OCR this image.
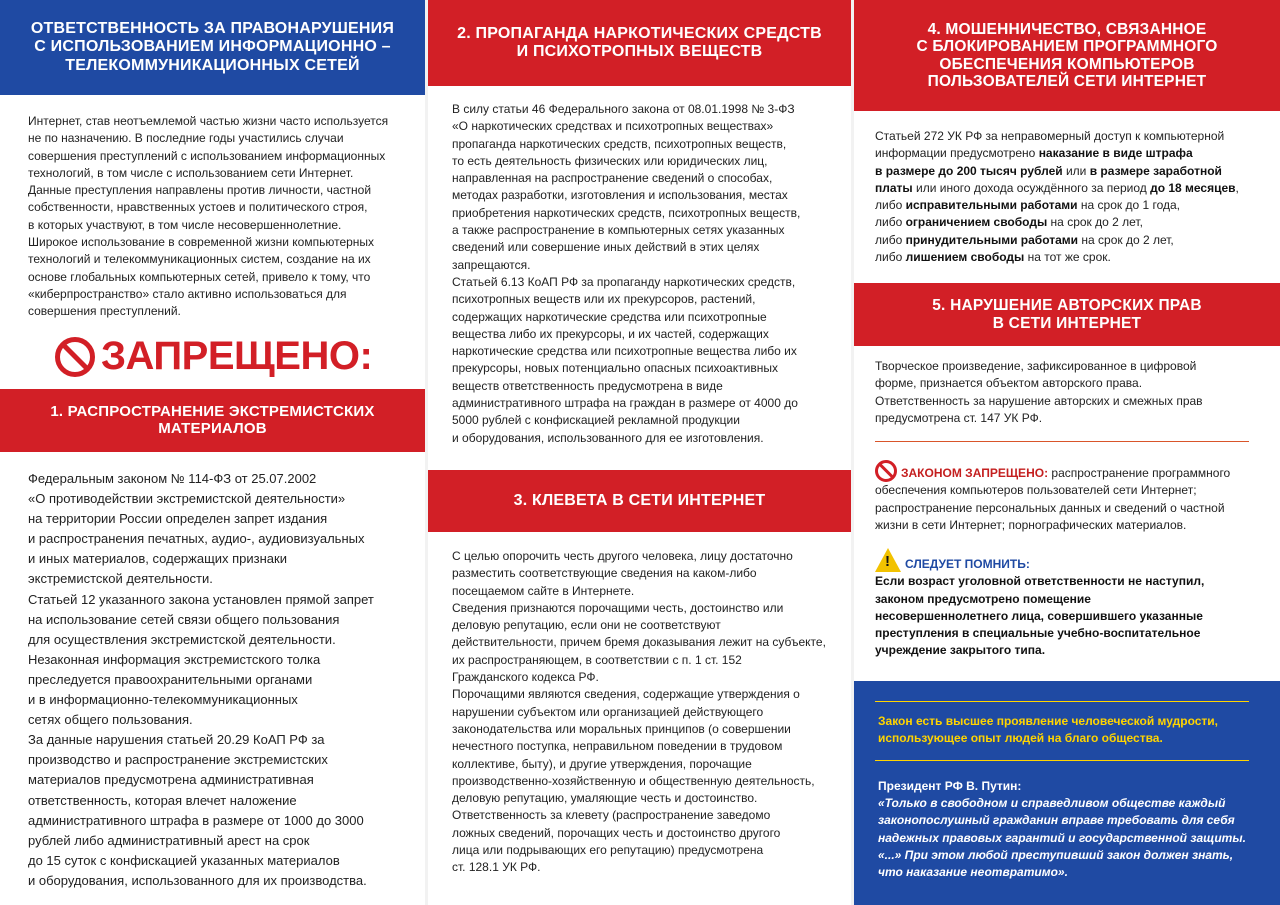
ОТВЕТСТВЕННОСТЬ ЗА ПРАВОНАРУШЕНИЯ
С ИСПОЛЬЗОВАНИЕМ ИНФОРМАЦИОННО –
ТЕЛЕКОММУНИКАЦИОННЫХ СЕТЕЙ

Интернет, став неотъемлемой частью жизни часто используется

не по назначению. В последние годы участились случаи

совершения преступлений с использованием информационных

технологий, в том числе с использованием сети Интернет.

Данные преступления направлены против личности, частной

собственности, нравственных устоев и политического строя,

в которых участвуют, в том числе несовершеннолетние.

Широкое использование в современной жизни компьютерных

технологий и телекоммуникационных систем, создание на их

основе глобальных компьютерных сетей, привело к тому, что

«киберпространство» стало активно использоваться для

совершения преступлений.

ЗАПРЕЩЕНО:
1. РАСПРОСТРАНЕНИЕ ЭКСТРЕМИСТСКИХ
МАТЕРИАЛОВ

Федеральным законом № 114-ФЗ от 25.07.2002

«О противодействии экстремистской деятельности»

на территории России определен запрет издания

и распространения печатных, аудио-, аудиовизуальных

и иных материалов, содержащих признаки

экстремистской деятельности.

Статьей 12 указанного закона установлен прямой запрет

на использование сетей связи общего пользования

для осуществления экстремистской деятельности.

Незаконная информация экстремистского толка

преследуется правоохранительными органами

и в информационно-телекоммуникационных

сетях общего пользования.

За данные нарушения статьей 20.29 КоАП РФ за

производство и распространение экстремистских

материалов предусмотрена административная

ответственность, которая влечет наложение

административного штрафа в размере от 1000 до 3000

рублей либо административный арест на срок

до 15 суток с конфискацией указанных материалов

и оборудования, использованного для их производства.

2. ПРОПАГАНДА НАРКОТИЧЕСКИХ СРЕДСТВ
И ПСИХОТРОПНЫХ ВЕЩЕСТВ

В силу статьи 46 Федерального закона от 08.01.1998 № 3-ФЗ

«О наркотических средствах и психотропных веществах»

пропаганда наркотических средств, психотропных веществ,

то есть деятельность физических или юридических лиц,

направленная на распространение сведений о способах,

методах разработки, изготовления и использования, местах

приобретения наркотических средств, психотропных веществ,

а также распространение в компьютерных сетях указанных

сведений или совершение иных действий в этих целях

запрещаются.

Статьей 6.13 КоАП РФ за пропаганду наркотических средств,

психотропных веществ или их прекурсоров, растений,

содержащих наркотические средства или психотропные

вещества либо их прекурсоры, и их частей, содержащих

наркотические средства или психотропные вещества либо их

прекурсоры, новых потенциально опасных психоактивных

веществ ответственность предусмотрена в виде

административного штрафа на граждан в размере от 4000 до

5000 рублей с конфискацией рекламной продукции

и оборудования, использованного для ее изготовления.

3. КЛЕВЕТА В СЕТИ ИНТЕРНЕТ

С целью опорочить честь другого человека, лицу достаточно

разместить соответствующие сведения на каком-либо

посещаемом сайте в Интернете.

Сведения признаются порочащими честь, достоинство или

деловую репутацию, если они не соответствуют

действительности, причем бремя доказывания лежит на субъекте,

их распространяющем, в соответствии с п. 1 ст. 152

Гражданского кодекса РФ.

Порочащими являются сведения, содержащие утверждения о

нарушении субъектом или организацией действующего

законодательства или моральных принципов (о совершении

нечестного поступка, неправильном поведении в трудовом

коллективе, быту), и другие утверждения, порочащие

производственно-хозяйственную и общественную деятельность,

деловую репутацию, умаляющие честь и достоинство.

Ответственность за клевету (распространение заведомо

ложных сведений, порочащих честь и достоинство другого

лица или подрывающих его репутацию) предусмотрена

ст. 128.1 УК РФ.

4. МОШЕННИЧЕСТВО, СВЯЗАННОЕ
С БЛОКИРОВАНИЕМ ПРОГРАММНОГО
ОБЕСПЕЧЕНИЯ КОМПЬЮТЕРОВ
ПОЛЬЗОВАТЕЛЕЙ СЕТИ ИНТЕРНЕТ

Статьей 272 УК РФ за неправомерный доступ к компьютерной

информации предусмотрено наказание в виде штрафа

в размере до 200 тысяч рублей или в размере заработной

платы или иного дохода осуждённого за период до 18 месяцев,

либо исправительными работами на срок до 1 года,

либо ограничением свободы на срок до 2 лет,

либо принудительными работами на срок до 2 лет,

либо лишением свободы на тот же срок.

5. НАРУШЕНИЕ АВТОРСКИХ ПРАВ
В СЕТИ ИНТЕРНЕТ

Творческое произведение, зафиксированное в цифровой

форме, признается объектом авторского права.

Ответственность за нарушение авторских и смежных прав

предусмотрена ст. 147 УК РФ.

ЗАКОНОМ ЗАПРЕЩЕНО: распространение программного

обеспечения компьютеров пользователей сети Интернет;

распространение персональных данных и сведений о частной

жизни в сети Интернет; порнографических материалов.

!СЛЕДУЕТ ПОМНИТЬ:

Если возраст уголовной ответственности не наступил,

законом предусмотрено помещение

несовершеннолетнего лица, совершившего указанные

преступления в специальные учебно-воспитательное

учреждение закрытого типа.

Закон есть высшее проявление человеческой мудрости,

использующее опыт людей на благо общества.

Президент РФ В. Путин:

«Только в свободном и справедливом обществе каждый

законопослушный гражданин вправе требовать для себя

надежных правовых гарантий и государственной защиты.

«...» При этом любой преступивший закон должен знать,

что наказание неотвратимо».
